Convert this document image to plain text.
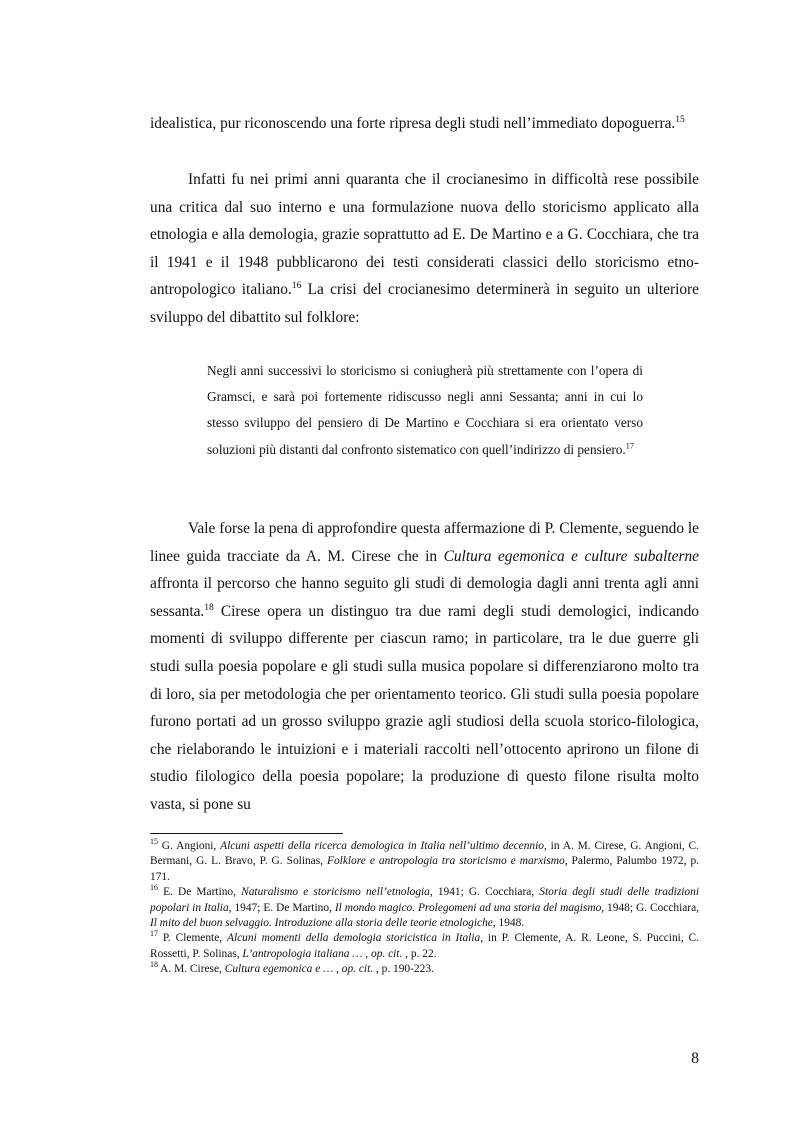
idealistica, pur riconoscendo una forte ripresa degli studi nell’immediato dopoguerra.$^{15}$

Infatti fu nei primi anni quaranta che il crocianesimo in difficoltà rese possibile una critica dal suo interno e una formulazione nuova dello storicismo applicato alla etnologia e alla demologia, grazie soprattutto ad E. De Martino e a G. Cocchiara, che tra il 1941 e il 1948 pubblicarono dei testi considerati classici dello storicismo etno-antropologico italiano.$^{16}$ La crisi del crocianesimo determinerà in seguito un ulteriore sviluppo del dibattito sul folklore:

Negli anni successivi lo storicismo si coniugherà più strettamente con l’opera di Gramsci, e sarà poi fortemente ridiscusso negli anni Sessanta; anni in cui lo stesso sviluppo del pensiero di De Martino e Cocchiara si era orientato verso soluzioni più distanti dal confronto sistematico con quell’indirizzo di pensiero.$^{17}$

Vale forse la pena di approfondire questa affermazione di P. Clemente, seguendo le linee guida tracciate da A. M. Cirese che in Cultura egemonica e culture subalterne affronta il percorso che hanno seguito gli studi di demologia dagli anni trenta agli anni sessanta.$^{18}$ Cirese opera un distinguo tra due rami degli studi demologici, indicando momenti di sviluppo differente per ciascun ramo; in particolare, tra le due guerre gli studi sulla poesia popolare e gli studi sulla musica popolare si differenziarono molto tra di loro, sia per metodologia che per orientamento teorico. Gli studi sulla poesia popolare furono portati ad un grosso sviluppo grazie agli studiosi della scuola storico-filologica, che rielaborando le intuizioni e i materiali raccolti nell’ottocento aprirono un filone di studio filologico della poesia popolare; la produzione di questo filone risulta molto vasta, si pone su

$^{15}$ G. Angioni, Alcuni aspetti della ricerca demologica in Italia nell’ultimo decennio, in A. M. Cirese, G. Angioni, C. Bermani, G. L. Bravo, P. G. Solinas, Folklore e antropologia tra storicismo e marxismo, Palermo, Palumbo 1972, p. 171.

$^{16}$ E. De Martino, Naturalismo e storicismo nell’etnologia, 1941; G. Cocchiara, Storia degli studi delle tradizioni popolari in Italia, 1947; E. De Martino, Il mondo magico. Prolegomeni ad una storia del magismo, 1948; G. Cocchiara, Il mito del buon selvaggio. Introduzione alla storia delle teorie etnologiche, 1948.

$^{17}$ P. Clemente, Alcuni momenti della demologia storicistica in Italia, in P. Clemente, A. R. Leone, S. Puccini, C. Rossetti, P. Solinas, L’antropologia italiana … , op. cit. , p. 22.

$^{18}$ A. M. Cirese, Cultura egemonica e … , op. cit. , p. 190-223.

8
